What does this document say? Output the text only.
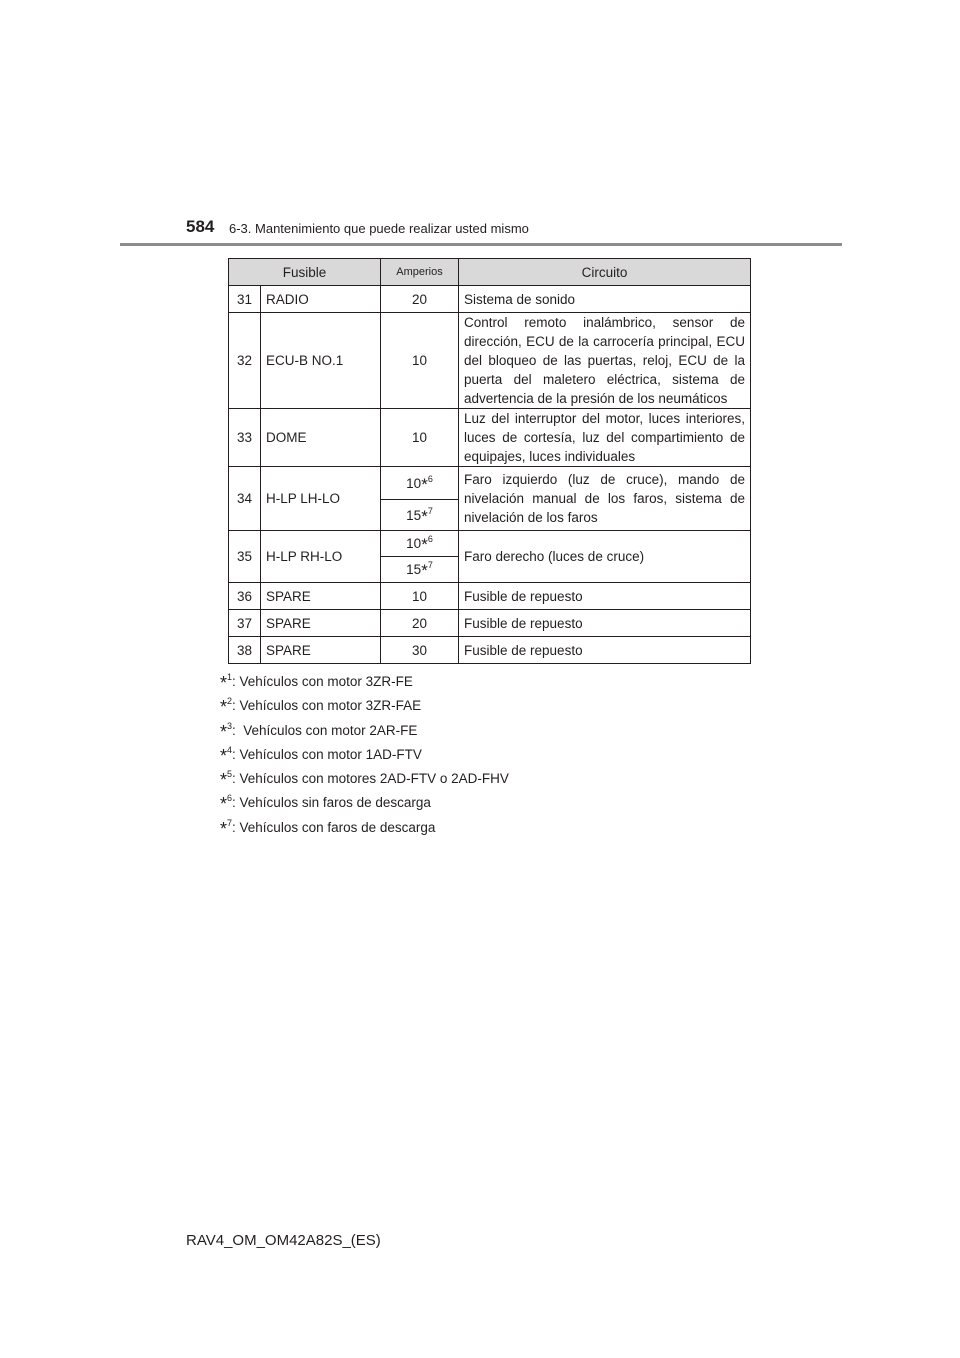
584 6-3. Mantenimiento que puede realizar usted mismo
Fusible		Amperios	Circuito
31	RADIO	20	Sistema de sonido
32	ECU-B NO.1	10	Control remoto inalámbrico, sensor de dirección, ECU de la carrocería principal, ECU del bloqueo de las puertas, reloj, ECU de la puerta del maletero eléctrica, sistema de advertencia de la presión de los neumáticos
33	DOME	10	Luz del interruptor del motor, luces interiores, luces de cortesía, luz del compartimiento de equipajes, luces individuales
34	H-LP LH-LO	10$^{*6}$	Faro izquierdo (luz de cruce), mando de nivelación manual de los faros, sistema de nivelación de los faros
		15$^{*7}$
35	H-LP RH-LO	10$^{*6}$	Faro derecho (luces de cruce)
		15$^{*7}$
36	SPARE	10	Fusible de repuesto
37	SPARE	20	Fusible de repuesto
38	SPARE	30	Fusible de repuesto
*$^1$: Vehículos con motor 3ZR-FE
*$^2$: Vehículos con motor 3ZR-FAE
*$^3$:  Vehículos con motor 2AR-FE
*$^4$: Vehículos con motor 1AD-FTV
*$^5$: Vehículos con motores 2AD-FTV o 2AD-FHV
*$^6$: Vehículos sin faros de descarga
*$^7$: Vehículos con faros de descarga
RAV4_OM_OM42A82S_(ES)
